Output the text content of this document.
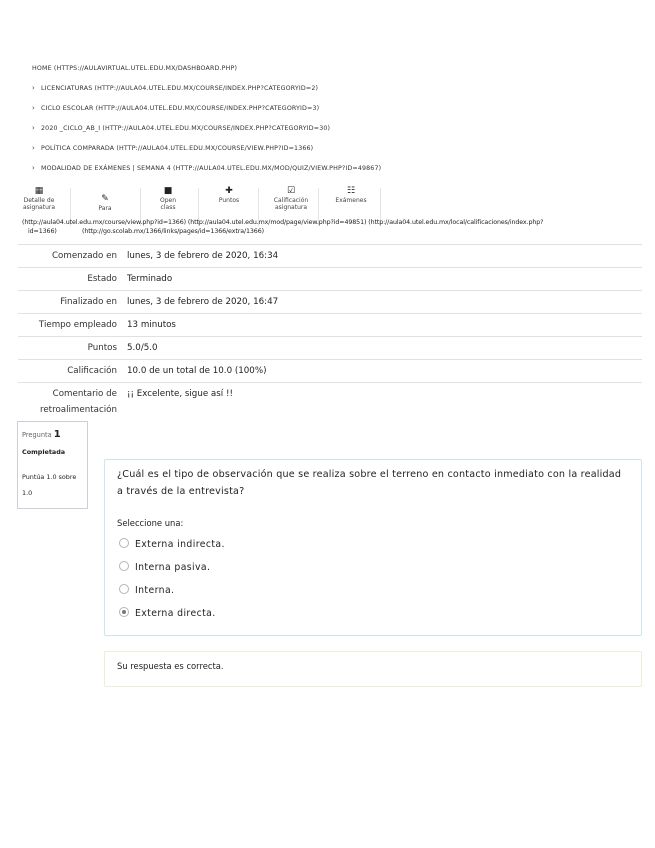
HOME (HTTPS://AULAVIRTUAL.UTEL.EDU.MX/DASHBOARD.PHP)
› LICENCIATURAS (HTTP://AULA04.UTEL.EDU.MX/COURSE/INDEX.PHP?CATEGORYID=2)
› CICLO ESCOLAR (HTTP://AULA04.UTEL.EDU.MX/COURSE/INDEX.PHP?CATEGORYID=3)
› 2020 _CICLO_AB_I (HTTP://AULA04.UTEL.EDU.MX/COURSE/INDEX.PHP?CATEGORYID=30)
› POLÍTICA COMPARADA (HTTP://AULA04.UTEL.EDU.MX/COURSE/VIEW.PHP?ID=1366)
› MODALIDAD DE EXÁMENES | SEMANA 4 (HTTP://AULA04.UTEL.EDU.MX/MOD/QUIZ/VIEW.PHP?ID=49867)
▦
Detalle de
asignatura
✎
Para
■
Open
class
✚
Puntos
☑
Calificación
asignatura
☷
Exámenes
(http://aula04.utel.edu.mx/course/view.php?id=1366) (http://aula04.utel.edu.mx/mod/page/view.php?id=49851) (http://aula04.utel.edu.mx/local/calificaciones/index.php?
id=1366)	(http://go.scolab.mx/1366/links/pages/id=1366/extra/1366)
Comenzado en	lunes, 3 de febrero de 2020, 16:34
Estado	Terminado
Finalizado en	lunes, 3 de febrero de 2020, 16:47
Tiempo empleado	13 minutos
Puntos	5.0/5.0
Calificación	10.0 de un total de 10.0 (100%)
Comentario de retroalimentación	¡¡ Excelente, sigue así !!
Pregunta 1
Completada
Puntúa 1.0 sobre 1.0
¿Cuál es el tipo de observación que se realiza sobre el terreno en contacto inmediato con la realidad a través de la entrevista?
Seleccione una:
Externa indirecta.
Interna pasiva.
Interna.
Externa directa.
Su respuesta es correcta.
